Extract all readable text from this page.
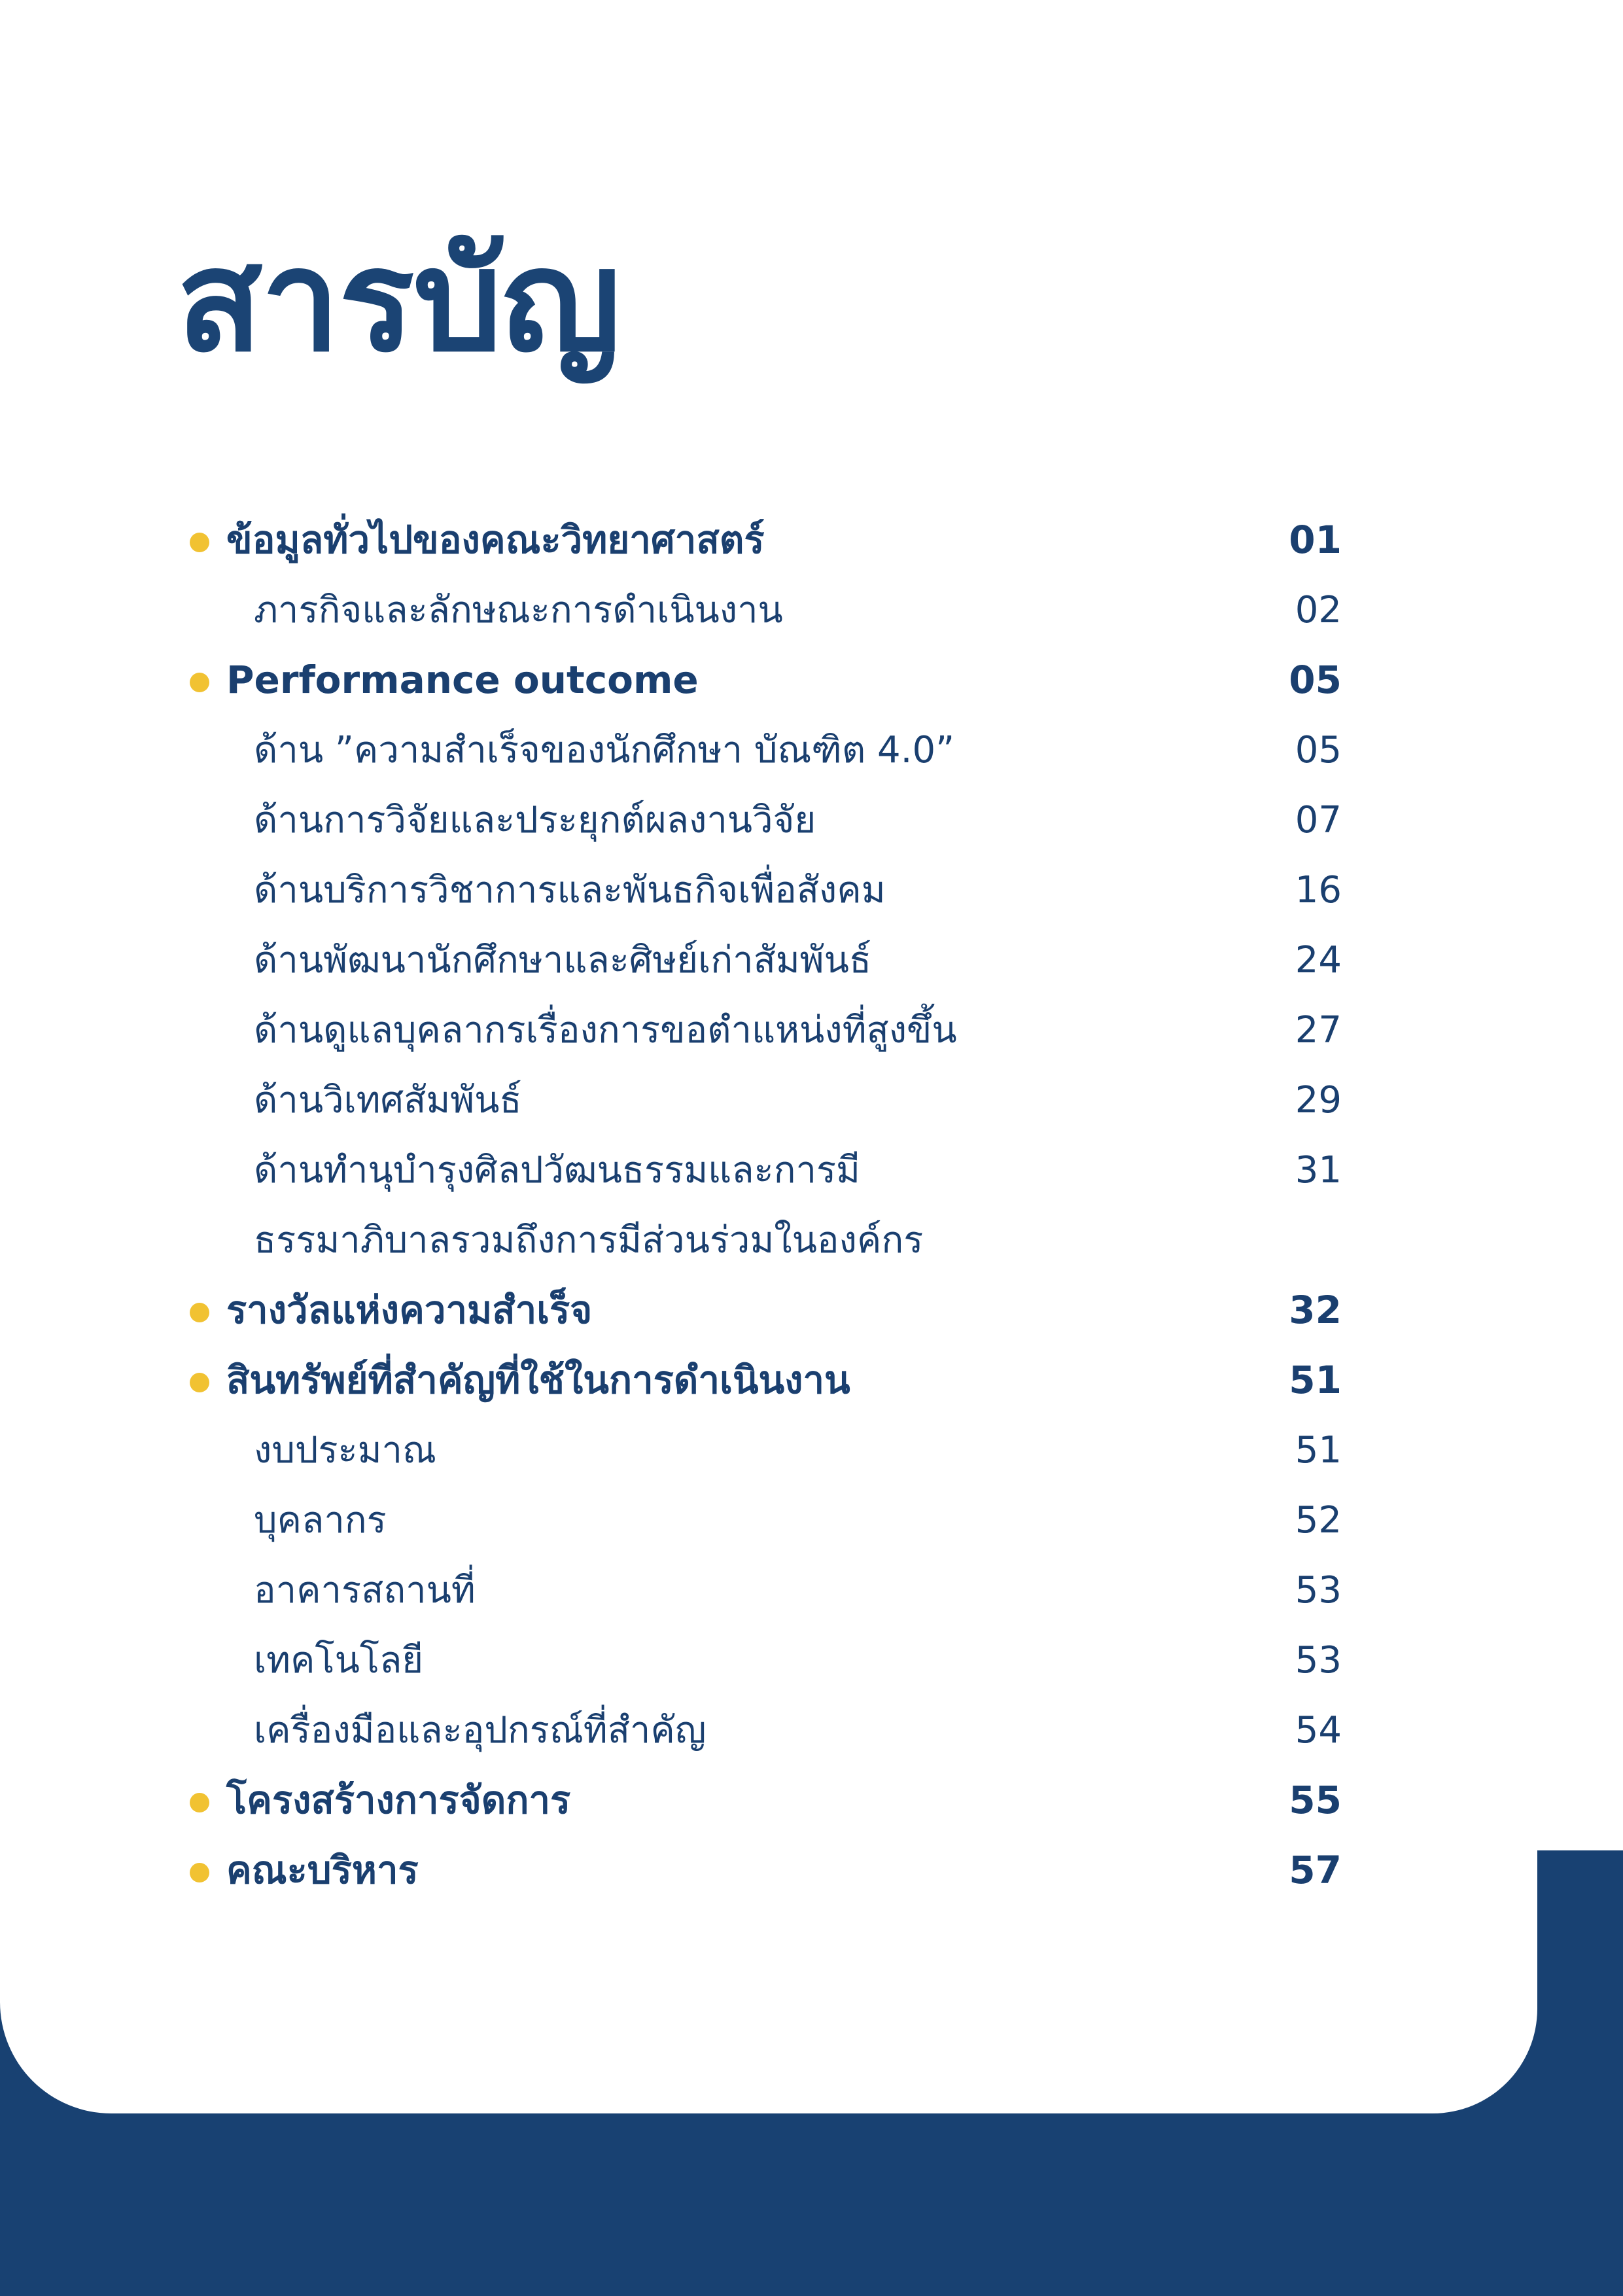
สารบัญ
ข้อมูลทั่วไปของคณะวิทยาศาสตร์	01
ภารกิจและลักษณะการดำเนินงาน	02
Performance outcome	05
ด้าน ”ความสำเร็จของนักศึกษา บัณฑิต 4.0”	05
ด้านการวิจัยและประยุกต์ผลงานวิจัย	07
ด้านบริการวิชาการและพันธกิจเพื่อสังคม	16
ด้านพัฒนานักศึกษาและศิษย์เก่าสัมพันธ์	24
ด้านดูแลบุคลากรเรื่องการขอตำแหน่งที่สูงขึ้น	27
ด้านวิเทศสัมพันธ์	29
ด้านทำนุบำรุงศิลปวัฒนธรรมและการมี	31
ธรรมาภิบาลรวมถึงการมีส่วนร่วมในองค์กร
รางวัลแห่งความสำเร็จ	32
สินทรัพย์ที่สำคัญที่ใช้ในการดำเนินงาน	51
งบประมาณ	51
บุคลากร	52
อาคารสถานที่	53
เทคโนโลยี	53
เครื่องมือและอุปกรณ์ที่สำคัญ	54
โครงสร้างการจัดการ	55
คณะบริหาร	57
